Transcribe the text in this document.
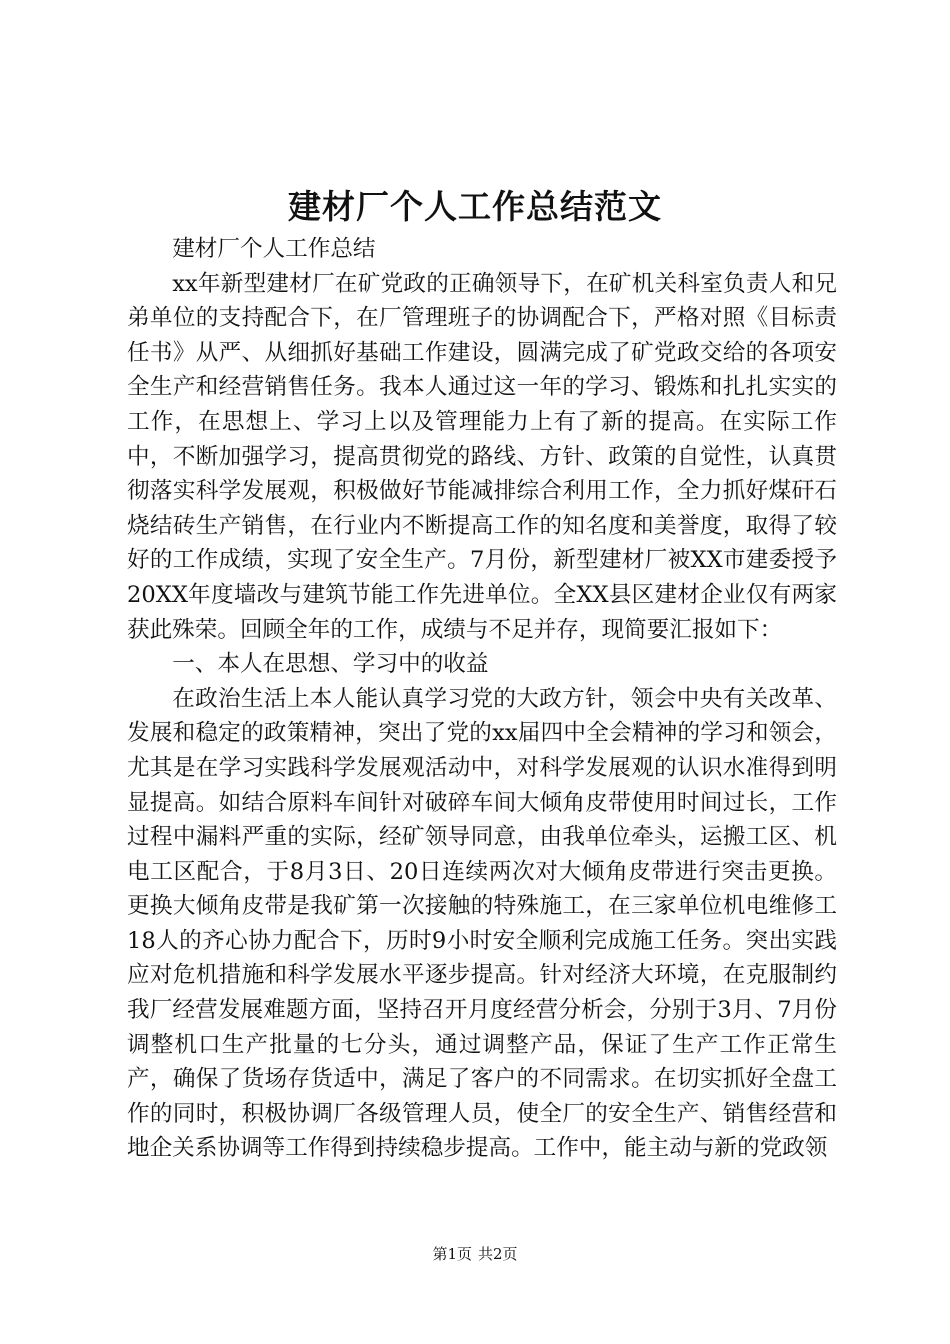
建材厂个人工作总结范文

建材厂个人工作总结

xx年新型建材厂在矿党政的正确领导下，在矿机关科室负责人和兄弟单位的支持配合下，在厂管理班子的协调配合下，严格对照《目标责任书》从严、从细抓好基础工作建设，圆满完成了矿党政交给的各项安全生产和经营销售任务。我本人通过这一年的学习、锻炼和扎扎实实的工作，在思想上、学习上以及管理能力上有了新的提高。在实际工作中，不断加强学习，提高贯彻党的路线、方针、政策的自觉性，认真贯彻落实科学发展观，积极做好节能减排综合利用工作，全力抓好煤矸石烧结砖生产销售，在行业内不断提高工作的知名度和美誉度，取得了较好的工作成绩，实现了安全生产。7月份，新型建材厂被XX市建委授予20XX年度墙改与建筑节能工作先进单位。全XX县区建材企业仅有两家获此殊荣。回顾全年的工作，成绩与不足并存，现简要汇报如下：

一、本人在思想、学习中的收益

在政治生活上本人能认真学习党的大政方针，领会中央有关改革、发展和稳定的政策精神，突出了党的xx届四中全会精神的学习和领会，尤其是在学习实践科学发展观活动中，对科学发展观的认识水准得到明显提高。如结合原料车间针对破碎车间大倾角皮带使用时间过长，工作过程中漏料严重的实际，经矿领导同意，由我单位牵头，运搬工区、机电工区配合，于8月3日、20日连续两次对大倾角皮带进行突击更换。更换大倾角皮带是我矿第一次接触的特殊施工，在三家单位机电维修工18人的齐心协力配合下，历时9小时安全顺利完成施工任务。突出实践应对危机措施和科学发展水平逐步提高。针对经济大环境，在克服制约我厂经营发展难题方面，坚持召开月度经营分析会，分别于3月、7月份调整机口生产批量的七分头，通过调整产品，保证了生产工作正常生产，确保了货场存货适中，满足了客户的不同需求。在切实抓好全盘工作的同时，积极协调厂各级管理人员，使全厂的安全生产、销售经营和地企关系协调等工作得到持续稳步提高。工作中，能主动与新的党政领

第1页 共2页
